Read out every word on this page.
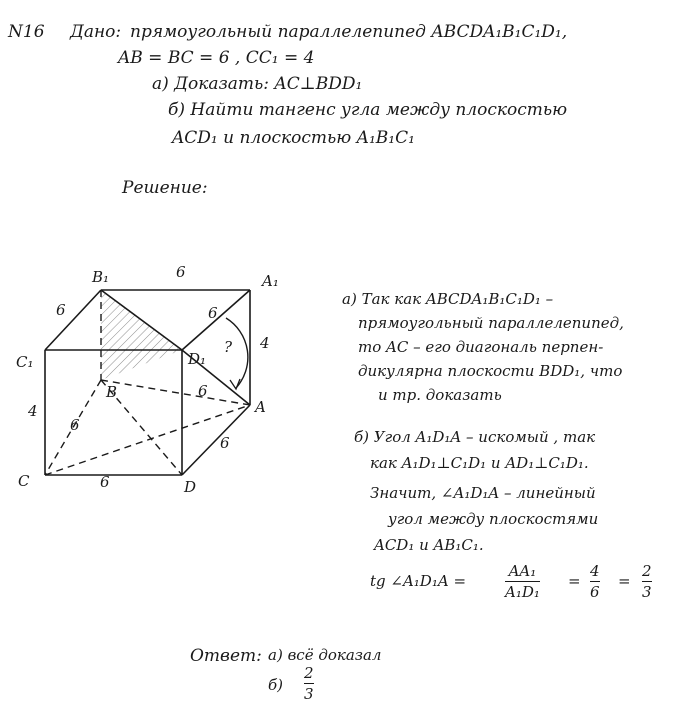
N16 Дано: прямоугольный параллелепипед ABCDA₁B₁C₁D₁,
AB = BC = 6 , CC₁ = 4
а) Доказать: AC⊥BDD₁
б) Найти тангенс угла между плоскостью
ACD₁ и плоскостью A₁B₁C₁
Решение:
B₁	A₁
C₁	D₁
B
A
C	D
6
6	6
? 4
4
6
6
6
6
а) Так как ABCDA₁B₁C₁D₁ –
прямоугольный параллелепипед,
то AC – его диагональ перпен-
дикулярна плоскости BDD₁, что
и тр. доказать
б) Угол A₁D₁A – искомый , так
как A₁D₁⊥C₁D₁ и AD₁⊥C₁D₁.
Значит, ∠A₁D₁A – линейный
угол между плоскостями
ACD₁ и AB₁C₁.
tg ∠A₁D₁A =
AA₁
A₁D₁
=
4
6
=
2
3
Ответ: а) всё доказал
б)
2
3
